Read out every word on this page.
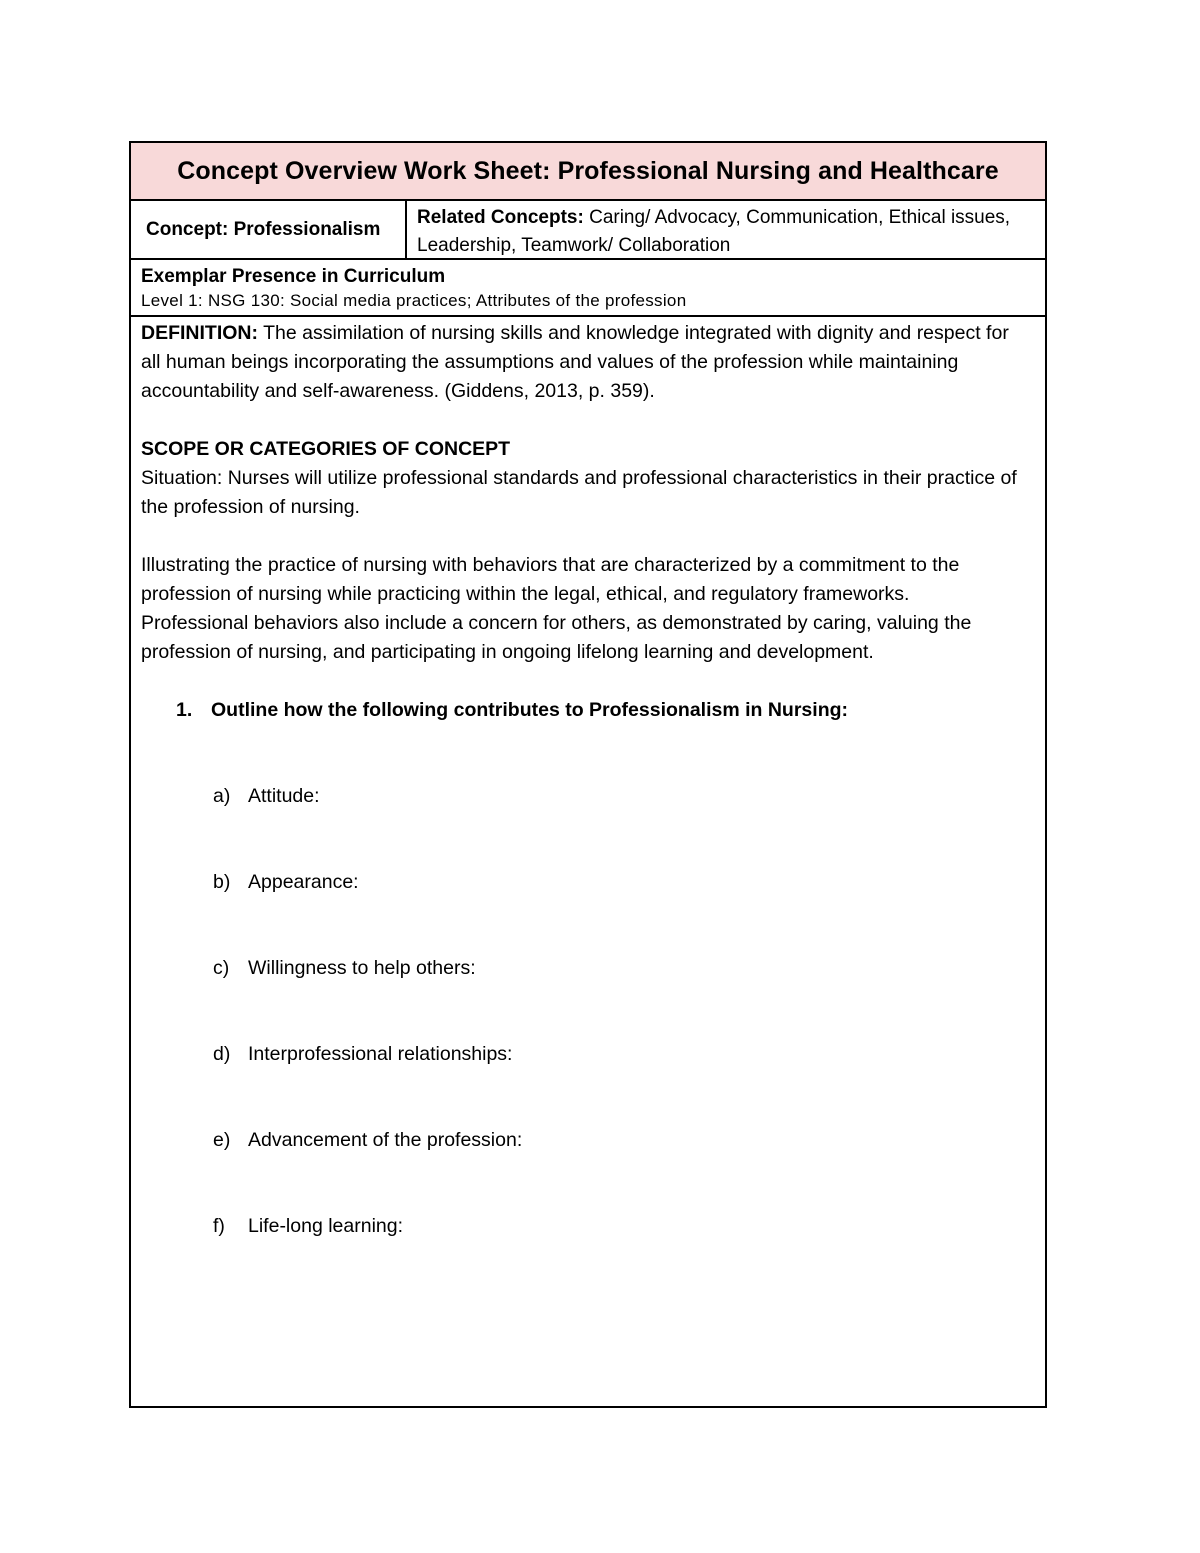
Concept Overview Work Sheet: Professional Nursing and Healthcare
Concept: Professionalism
Related Concepts: Caring/ Advocacy, Communication, Ethical issues, Leadership, Teamwork/ Collaboration
Exemplar Presence in Curriculum
Level 1: NSG 130: Social media practices; Attributes of the profession

DEFINITION: The assimilation of nursing skills and knowledge integrated with dignity and respect for all human beings incorporating the assumptions and values of the profession while maintaining accountability and self-awareness. (Giddens, 2013, p. 359).

SCOPE OR CATEGORIES OF CONCEPT

Situation: Nurses will utilize professional standards and professional characteristics in their practice of the profession of nursing.

Illustrating the practice of nursing with behaviors that are characterized by a commitment to the profession of nursing while practicing within the legal, ethical, and regulatory frameworks. Professional behaviors also include a concern for others, as demonstrated by caring, valuing the profession of nursing, and participating in ongoing lifelong learning and development.

1. Outline how the following contributes to Professionalism in Nursing:
a) Attitude:
b) Appearance:
c) Willingness to help others:
d) Interprofessional relationships:
e) Advancement of the profession:
f)	Life-long learning:
